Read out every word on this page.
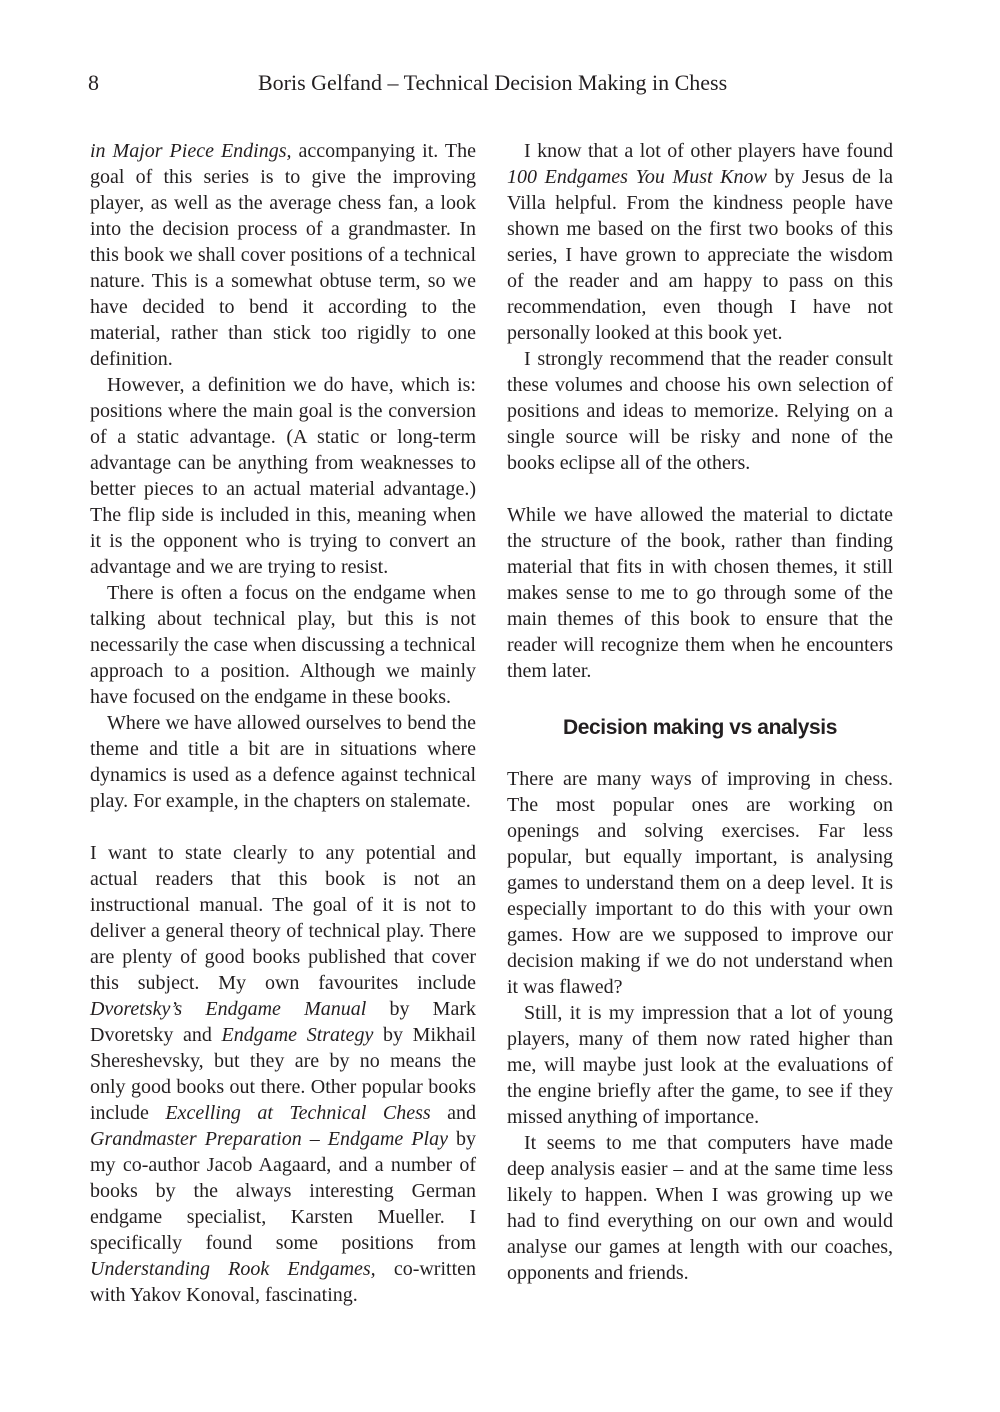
8	Boris Gelfand – Technical Decision Making in Chess

in Major Piece Endings, accompanying it. The goal of this series is to give the improving player, as well as the average chess fan, a look into the decision process of a grandmaster. In this book we shall cover positions of a technical nature. This is a somewhat obtuse term, so we have decided to bend it according to the material, rather than stick too rigidly to one definition.

However, a definition we do have, which is: positions where the main goal is the conversion of a static advantage. (A static or long-term advantage can be anything from weaknesses to better pieces to an actual material advantage.) The flip side is included in this, meaning when it is the opponent who is trying to convert an advantage and we are trying to resist.

There is often a focus on the endgame when talking about technical play, but this is not necessarily the case when discussing a technical approach to a position. Although we mainly have focused on the endgame in these books.

Where we have allowed ourselves to bend the theme and title a bit are in situations where dynamics is used as a defence against technical play. For example, in the chapters on stalemate.

I want to state clearly to any potential and actual readers that this book is not an instructional manual. The goal of it is not to deliver a general theory of technical play. There are plenty of good books published that cover this subject. My own favourites include Dvoretsky’s Endgame Manual by Mark Dvoretsky and Endgame Strategy by Mikhail Shereshevsky, but they are by no means the only good books out there. Other popular books include Excelling at Technical Chess and Grandmaster Preparation – Endgame Play by my co-author Jacob Aagaard, and a number of books by the always interesting German endgame specialist, Karsten Mueller. I specifically found some positions from Understanding Rook Endgames, co-written with Yakov Konoval, fascinating.

I know that a lot of other players have found 100 Endgames You Must Know by Jesus de la Villa helpful. From the kindness people have shown me based on the first two books of this series, I have grown to appreciate the wisdom of the reader and am happy to pass on this recommendation, even though I have not personally looked at this book yet.

I strongly recommend that the reader consult these volumes and choose his own selection of positions and ideas to memorize. Relying on a single source will be risky and none of the books eclipse all of the others.

While we have allowed the material to dictate the structure of the book, rather than finding material that fits in with chosen themes, it still makes sense to me to go through some of the main themes of this book to ensure that the reader will recognize them when he encounters them later.

Decision making vs analysis

There are many ways of improving in chess. The most popular ones are working on openings and solving exercises. Far less popular, but equally important, is analysing games to understand them on a deep level. It is especially important to do this with your own games. How are we supposed to improve our decision making if we do not understand when it was flawed?

Still, it is my impression that a lot of young players, many of them now rated higher than me, will maybe just look at the evaluations of the engine briefly after the game, to see if they missed anything of importance.

It seems to me that computers have made deep analysis easier – and at the same time less likely to happen. When I was growing up we had to find everything on our own and would analyse our games at length with our coaches, opponents and friends.
